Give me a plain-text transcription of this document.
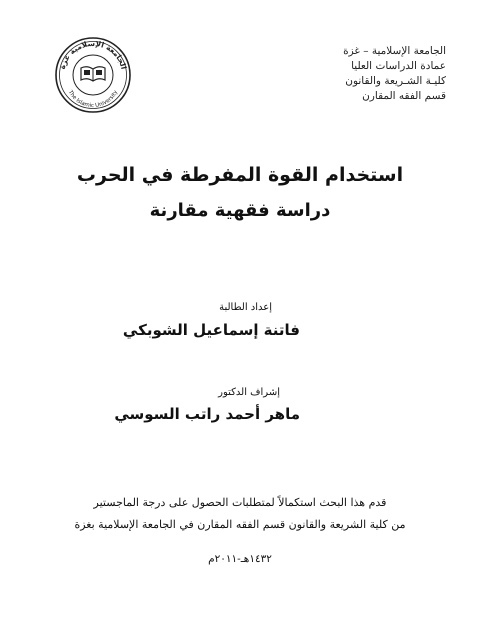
الجامعة الإسلامية – غزة
عمادة الدراسات العليا
كليـة الشـريعة والقانون
قسم الفقه المقارن
الجامعة الإسلامية غزة
The Islamic University
استخدام القوة المفرطة في الحرب
دراسة فقهية مقارنة
إعداد الطالبة
فاتنة إسماعيل الشوبكي
إشراف الدكتور
ماهر أحمد راتب السوسي
قدم هذا البحث استكمالاً لمتطلبات الحصول على درجة الماجستير
من كلية الشريعة والقانون قسم الفقه المقارن في الجامعة الإسلامية بغزة
١٤٣٢هـ-٢٠١١م
